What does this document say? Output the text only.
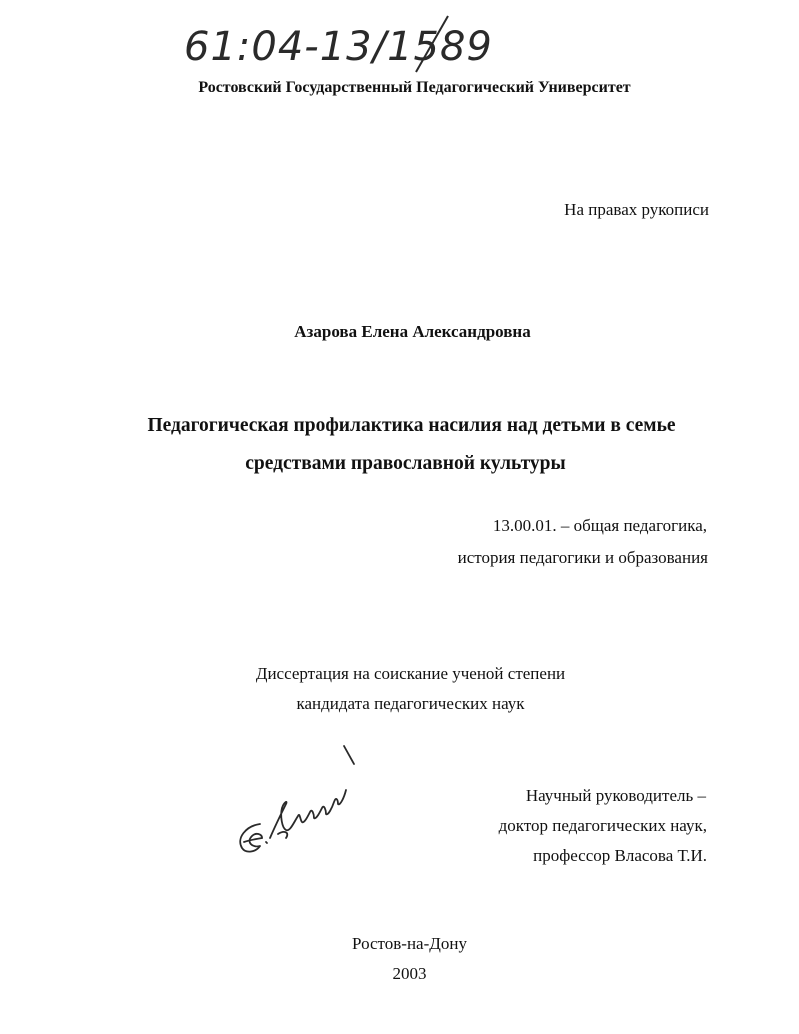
61:04-13/1589
Ростовский Государственный Педагогический Университет
На правах рукописи
Азарова Елена Александровна
Педагогическая профилактика насилия над детьми в семье
средствами православной культуры
13.00.01. – общая педагогика,
история педагогики и образования
Диссертация на соискание ученой степени
кандидата педагогических наук
Научный руководитель –
доктор педагогических наук,
профессор Власова Т.И.
Ростов-на-Дону
2003
